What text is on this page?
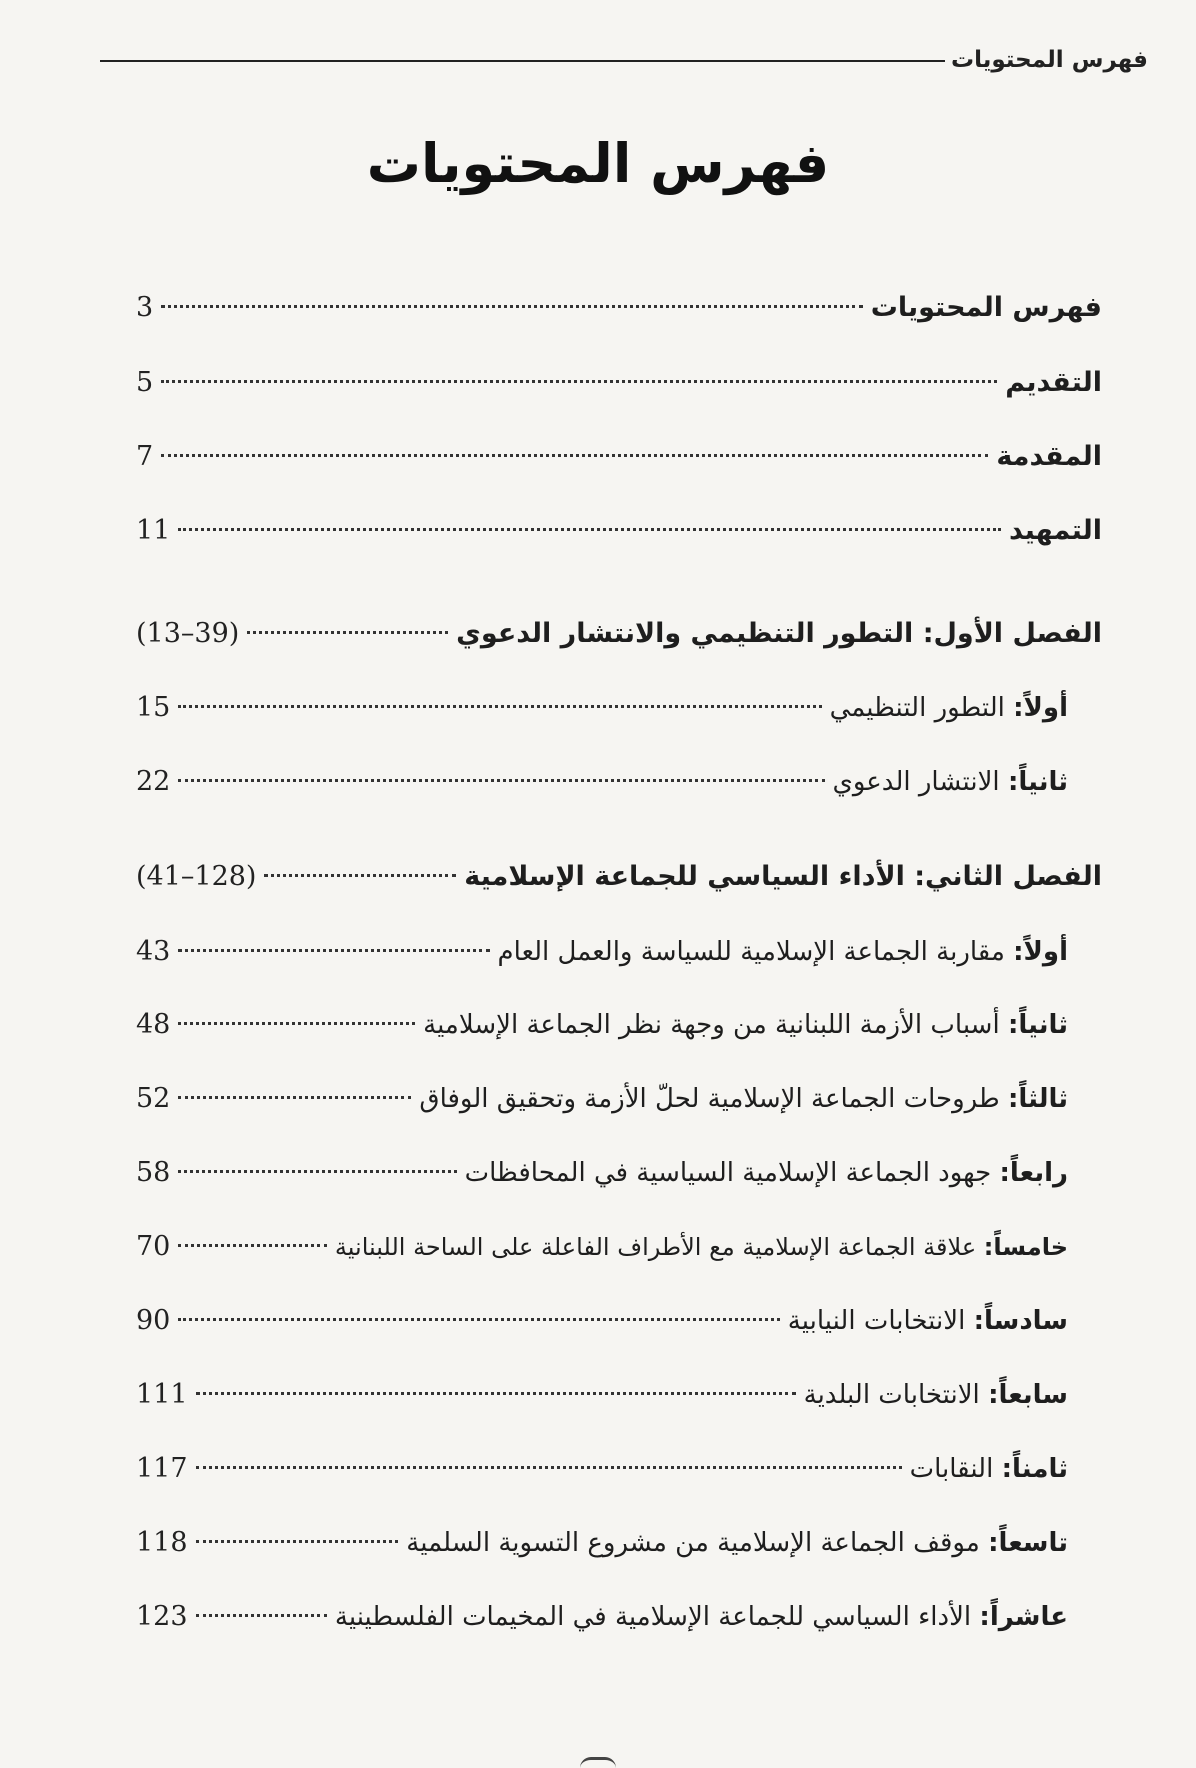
فهرس المحتويات
فهرس المحتويات
فهرس المحتويات
3
التقديم
5
المقدمة
7
التمهيد
11
الفصل الأول: التطور التنظيمي والانتشار الدعوي
(13–39)
أولاً: التطور التنظيمي
15
ثانياً: الانتشار الدعوي
22
الفصل الثاني: الأداء السياسي للجماعة الإسلامية
(41–128)
أولاً: مقاربة الجماعة الإسلامية للسياسة والعمل العام
43
ثانياً: أسباب الأزمة اللبنانية من وجهة نظر الجماعة الإسلامية
48
ثالثاً: طروحات الجماعة الإسلامية لحلّ الأزمة وتحقيق الوفاق
52
رابعاً: جهود الجماعة الإسلامية السياسية في المحافظات
58
خامساً: علاقة الجماعة الإسلامية مع الأطراف الفاعلة على الساحة اللبنانية
70
سادساً: الانتخابات النيابية
90
سابعاً: الانتخابات البلدية
111
ثامناً: النقابات
117
تاسعاً: موقف الجماعة الإسلامية من مشروع التسوية السلمية
118
عاشراً: الأداء السياسي للجماعة الإسلامية في المخيمات الفلسطينية
123
